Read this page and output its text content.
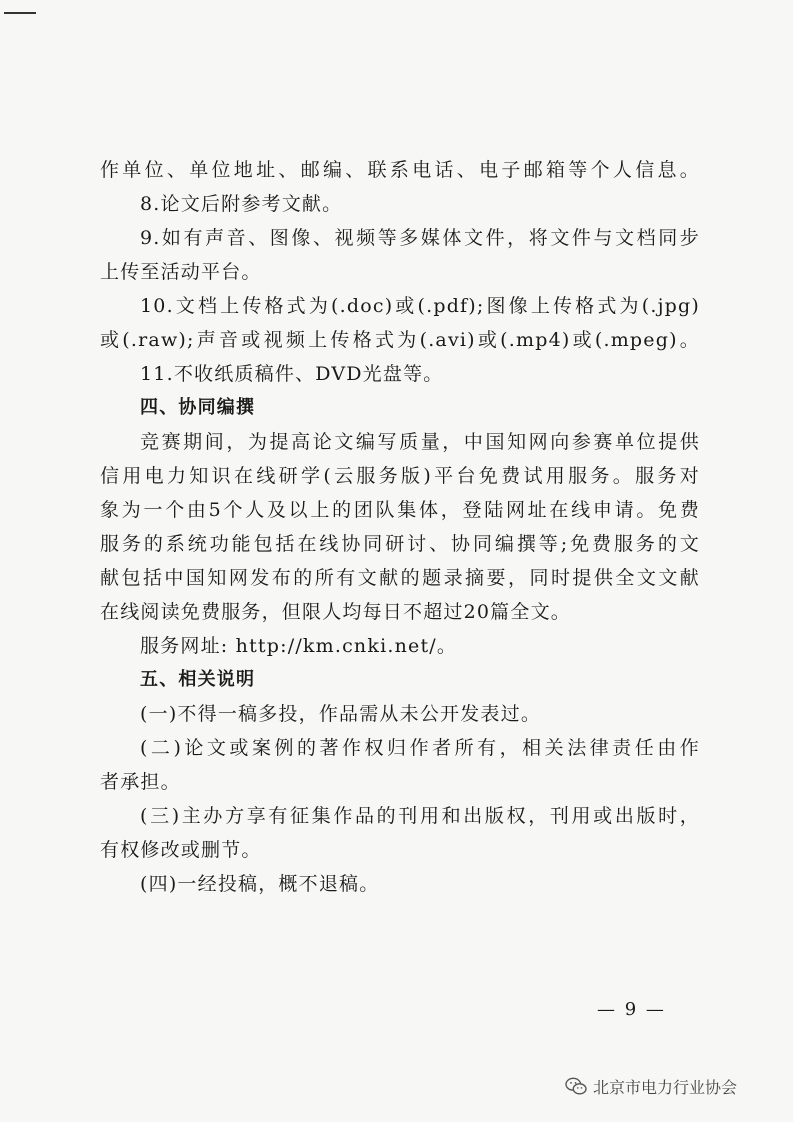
作单位、单位地址、邮编、联系电话、电子邮箱等个人信息。
8.论文后附参考文献。
9.如有声音、图像、视频等多媒体文件，将文件与文档同步
上传至活动平台。
10.文档上传格式为(.doc)或(.pdf);图像上传格式为(.jpg)
或(.raw);声音或视频上传格式为(.avi)或(.mp4)或(.mpeg)。
11.不收纸质稿件、DVD光盘等。
四、协同编撰
竞赛期间，为提高论文编写质量，中国知网向参赛单位提供
信用电力知识在线研学(云服务版)平台免费试用服务。服务对
象为一个由5个人及以上的团队集体，登陆网址在线申请。免费
服务的系统功能包括在线协同研讨、协同编撰等;免费服务的文
献包括中国知网发布的所有文献的题录摘要，同时提供全文文献
在线阅读免费服务，但限人均每日不超过20篇全文。
服务网址: http://km.cnki.net/。
五、相关说明
(一)不得一稿多投，作品需从未公开发表过。
(二)论文或案例的著作权归作者所有，相关法律责任由作
者承担。
(三)主办方享有征集作品的刊用和出版权，刊用或出版时，
有权修改或删节。
(四)一经投稿，概不退稿。
— 9 —
北京市电力行业协会
